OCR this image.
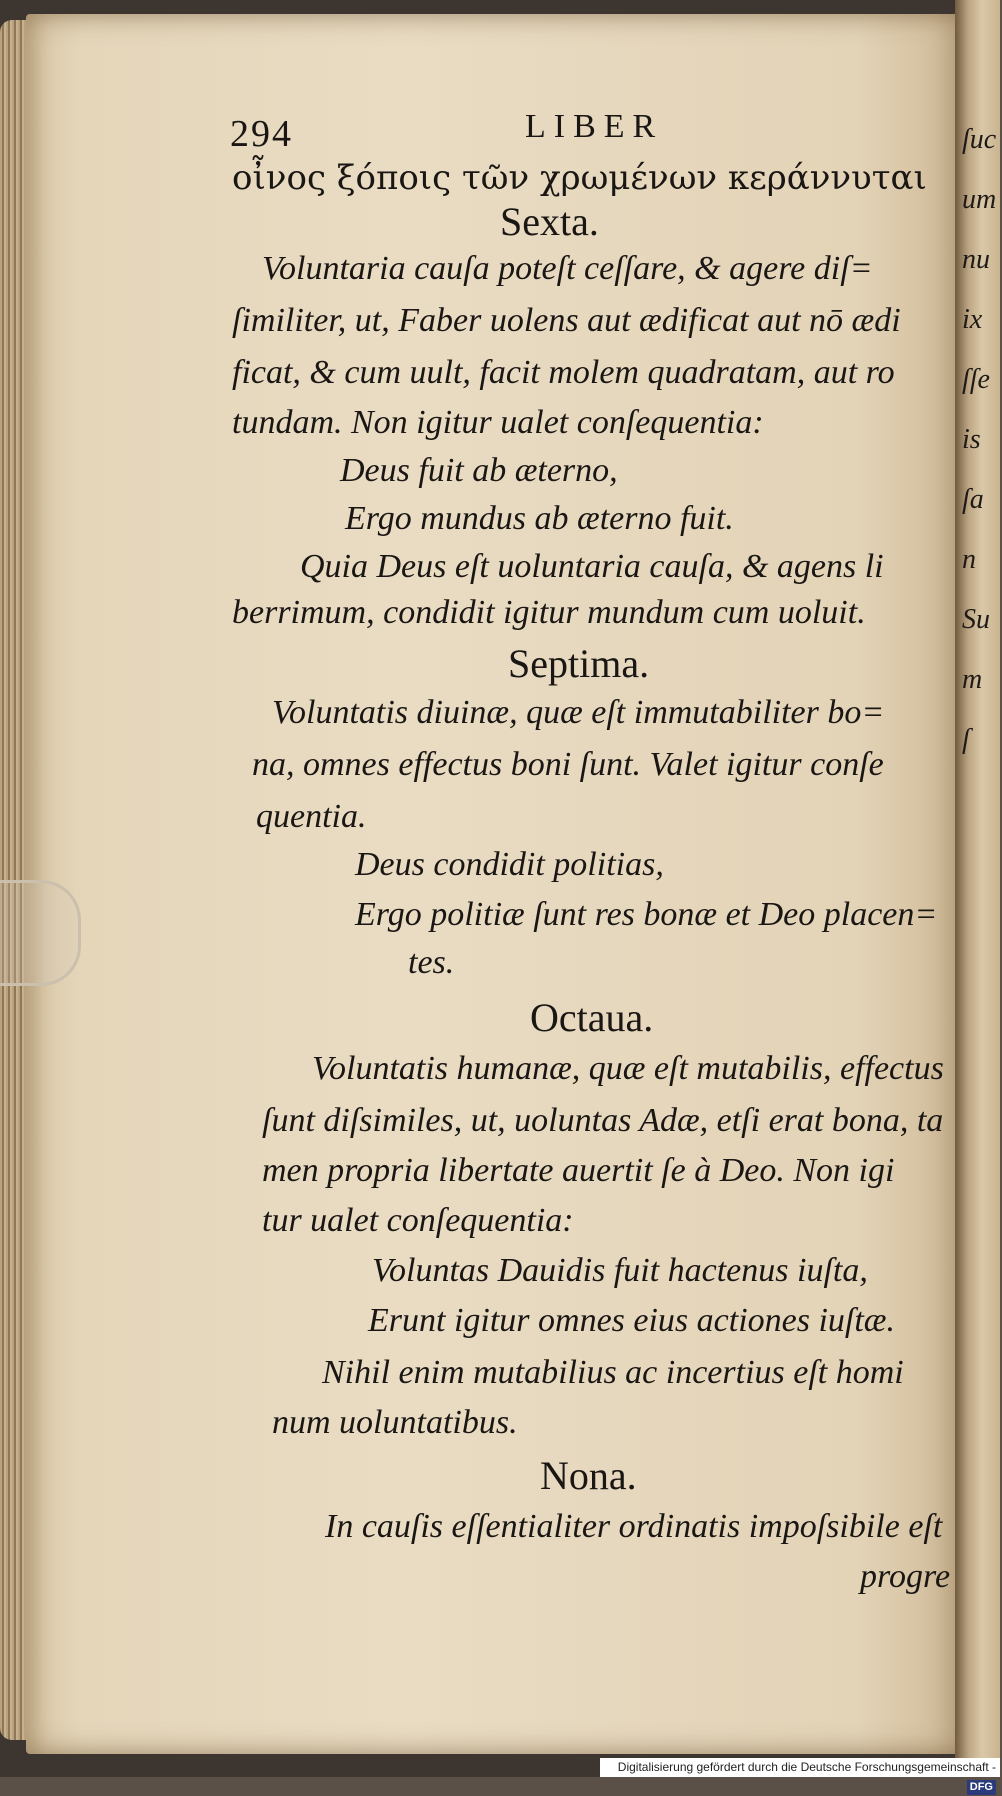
ſuc
um
nu
ix
ſſe
is
ſa
n
Su
m
ſ
294	LIBER
οἶνος ξόποις τῶν χρωμένων κεράννυται
Sexta.
Voluntaria cauſa poteſt ceſſare, & agere diſ=
ſimiliter, ut, Faber uolens aut ædificat aut nō ædi
ficat, & cum uult, facit molem quadratam, aut ro
tundam. Non igitur ualet conſequentia:
Deus fuit ab æterno,
Ergo mundus ab æterno fuit.
Quia Deus eſt uoluntaria cauſa, & agens li
berrimum, condidit igitur mundum cum uoluit.
Septima.
Voluntatis diuinæ, quæ eſt immutabiliter bo=
na, omnes effectus boni ſunt. Valet igitur conſe
quentia.
Deus condidit politias,
Ergo politiæ ſunt res bonæ et Deo placen=
tes.
Octaua.
Voluntatis humanæ, quæ eſt mutabilis, effectus
ſunt diſsimiles, ut, uoluntas Adæ, etſi erat bona, ta
men propria libertate auertit ſe à Deo. Non igi
tur ualet conſequentia:
Voluntas Dauidis fuit hactenus iuſta,
Erunt igitur omnes eius actiones iuſtæ.
Nihil enim mutabilius ac incertius eſt homi
num uoluntatibus.
Nona.
In cauſis eſſentialiter ordinatis impoſsibile eſt
progre
Digitalisierung gefördert durch die Deutsche Forschungsgemeinschaft -DFG
